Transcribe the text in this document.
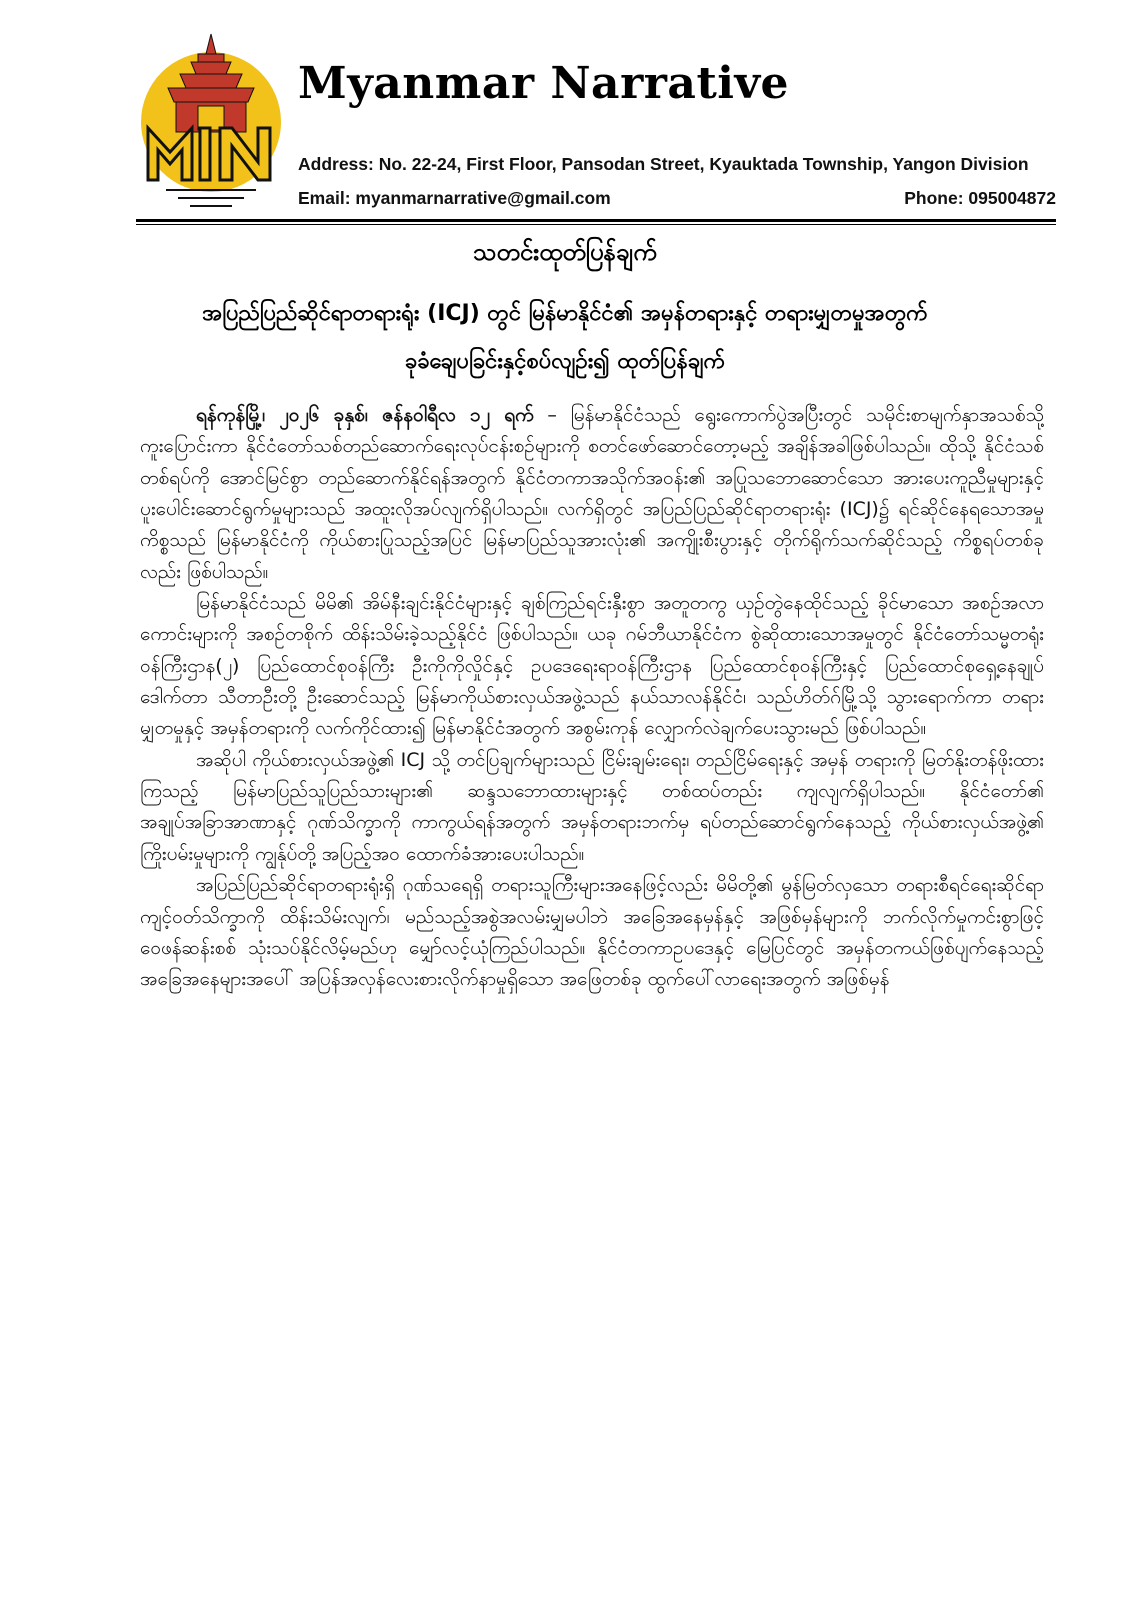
Myanmar Narrative
Address: No. 22-24, First Floor, Pansodan Street, Kyauktada Township, Yangon Division
Email: myanmarnarrative@gmail.com	Phone: 095004872
သတင်းထုတ်ပြန်ချက်
အပြည်ပြည်ဆိုင်ရာတရားရုံး (ICJ) တွင် မြန်မာနိုင်ငံ၏ အမှန်တရားနှင့် တရားမျှတမှုအတွက်
ခုခံချေပခြင်းနှင့်စပ်လျဉ်း၍ ထုတ်ပြန်ချက်

ရန်ကုန်မြို့၊ ၂၀၂၆ ခုနှစ်၊ ဇန်နဝါရီလ ၁၂ ရက် – မြန်မာနိုင်ငံသည် ရွေးကောက်ပွဲအပြီးတွင် သမိုင်းစာမျက်နှာအသစ်သို့ကူးပြောင်းကာ နိုင်ငံတော်သစ်တည်ဆောက်ရေးလုပ်ငန်းစဉ်များကို စတင်ဖော်ဆောင်တော့မည့် အချိန်အခါဖြစ်ပါသည်။ ထိုသို့ နိုင်ငံသစ်တစ်ရပ်ကို အောင်မြင်စွာ တည်ဆောက်နိုင်ရန်အတွက် နိုင်ငံတကာအသိုက်အဝန်း၏ အပြုသဘောဆောင်သော အားပေးကူညီမှုများနှင့် ပူးပေါင်းဆောင်ရွက်မှုများသည် အထူးလိုအပ်လျက်ရှိပါသည်။ လက်ရှိတွင် အပြည်ပြည်ဆိုင်ရာတရားရုံး (ICJ)၌ ရင်ဆိုင်နေရသောအမှုကိစ္စသည် မြန်မာနိုင်ငံကို ကိုယ်စားပြုသည့်အပြင် မြန်မာပြည်သူအားလုံး၏ အကျိုးစီးပွားနှင့် တိုက်ရိုက်သက်ဆိုင်သည့် ကိစ္စရပ်တစ်ခုလည်း ဖြစ်ပါသည်။

မြန်မာနိုင်ငံသည် မိမိ၏ အိမ်နီးချင်းနိုင်ငံများနှင့် ချစ်ကြည်ရင်းနှီးစွာ အတူတကွ ယှဉ်တွဲနေထိုင်သည့် ခိုင်မာသော အစဉ်အလာကောင်းများကို အစဉ်တစိုက် ထိန်းသိမ်းခဲ့သည့်နိုင်ငံ ဖြစ်ပါသည်။ ယခု ဂမ်ဘီယာနိုင်ငံက စွဲဆိုထားသောအမှုတွင် နိုင်ငံတော်သမ္မတရုံးဝန်ကြီးဌာန(၂) ပြည်ထောင်စုဝန်ကြီး ဦးကိုကိုလှိုင်နှင့် ဥပဒေရေးရာဝန်ကြီးဌာန ပြည်ထောင်စုဝန်ကြီးနှင့် ပြည်ထောင်စုရှေ့နေချုပ် ဒေါက်တာ သီတာဦးတို့ ဦးဆောင်သည့် မြန်မာကိုယ်စားလှယ်အဖွဲ့သည် နယ်သာလန်နိုင်ငံ၊ သည်ဟိတ်ဂ်မြို့သို့ သွားရောက်ကာ တရားမျှတမှုနှင့် အမှန်တရားကို လက်ကိုင်ထား၍ မြန်မာနိုင်ငံအတွက် အစွမ်းကုန် လျှောက်လဲချက်ပေးသွားမည် ဖြစ်ပါသည်။

အဆိုပါ ကိုယ်စားလှယ်အဖွဲ့၏ ICJ သို့ တင်ပြချက်များသည် ငြိမ်းချမ်းရေး၊ တည်ငြိမ်ရေးနှင့် အမှန် တရားကို မြတ်နိုးတန်ဖိုးထားကြသည့် မြန်မာပြည်သူပြည်သားများ၏ ဆန္ဒသဘောထားများနှင့် တစ်ထပ်တည်း ကျလျက်ရှိပါသည်။ နိုင်ငံတော်၏ အချုပ်အခြာအာဏာနှင့် ဂုဏ်သိက္ခာကို ကာကွယ်ရန်အတွက် အမှန်တရားဘက်မှ ရပ်တည်ဆောင်ရွက်နေသည့် ကိုယ်စားလှယ်အဖွဲ့၏ ကြိုးပမ်းမှုများကို ကျွန်ုပ်တို့ အပြည့်အဝ ထောက်ခံအားပေးပါသည်။

အပြည်ပြည်ဆိုင်ရာတရားရုံးရှိ ဂုဏ်သရေရှိ တရားသူကြီးများအနေဖြင့်လည်း မိမိတို့၏ မွန်မြတ်လှသော တရားစီရင်ရေးဆိုင်ရာ ကျင့်ဝတ်သိက္ခာကို ထိန်းသိမ်းလျက်၊ မည်သည့်အစွဲအလမ်းမျှမပါဘဲ အခြေအနေမှန်နှင့် အဖြစ်မှန်များကို ဘက်လိုက်မှုကင်းစွာဖြင့် ဝေဖန်ဆန်းစစ် သုံးသပ်နိုင်လိမ့်မည်ဟု မျှော်လင့်ယုံကြည်ပါသည်။ နိုင်ငံတကာဥပဒေနှင့် မြေပြင်တွင် အမှန်တကယ်ဖြစ်ပျက်နေသည့် အခြေအနေများအပေါ် အပြန်အလှန်လေးစားလိုက်နာမှုရှိသော အဖြေတစ်ခု ထွက်ပေါ်လာရေးအတွက် အဖြစ်မှန်
